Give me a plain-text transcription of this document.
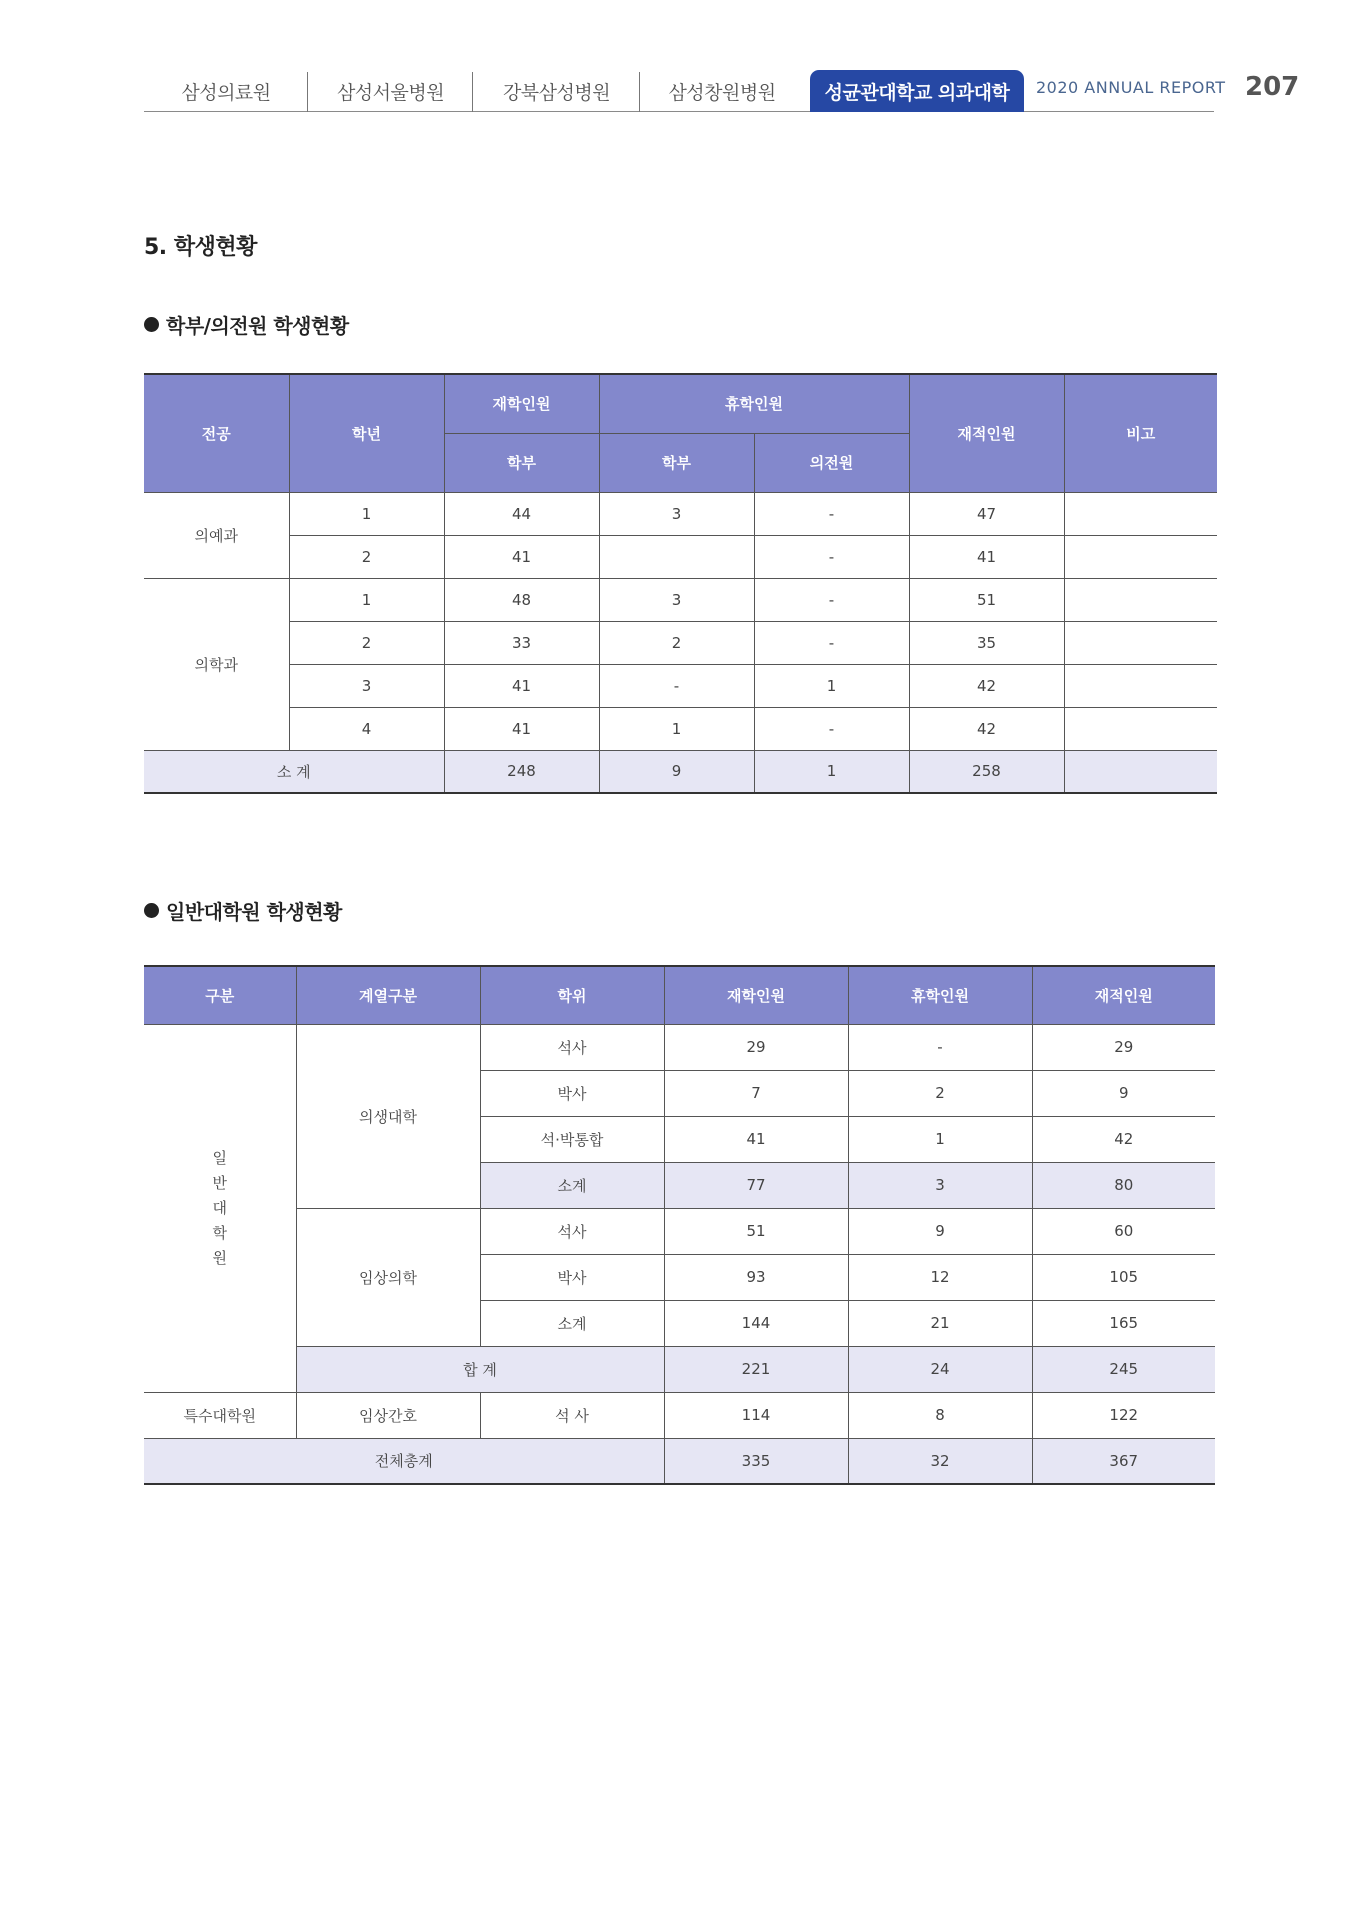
삼성의료원	삼성서울병원	강북삼성병원	삼성창원병원	성균관대학교 의과대학	2020 ANNUAL REPORT 207
5. 학생현황
학부/의전원 학생현황
전공	학년	재학인원	휴학인원		재적인원	비고
		학부	학부	의전원		
의예과	1	44	3	-	47	
	2	41		-	41	
의학과	1	48	3	-	51	
	2	33	2	-	35	
	3	41	-	1	42	
	4	41	1	-	42	
소 계		248	9	1	258	
일반대학원 학생현황
구분	계열구분	학위	재학인원	휴학인원	재적인원
일
반
대
학
원	의생대학	석사	29	-	29
		박사	7	2	9
		석·박통합	41	1	42
		소계	77	3	80
	임상의학	석사	51	9	60
		박사	93	12	105
		소계	144	21	165
	합 계		221	24	245
특수대학원	임상간호	석 사	114	8	122
전체총계			335	32	367
